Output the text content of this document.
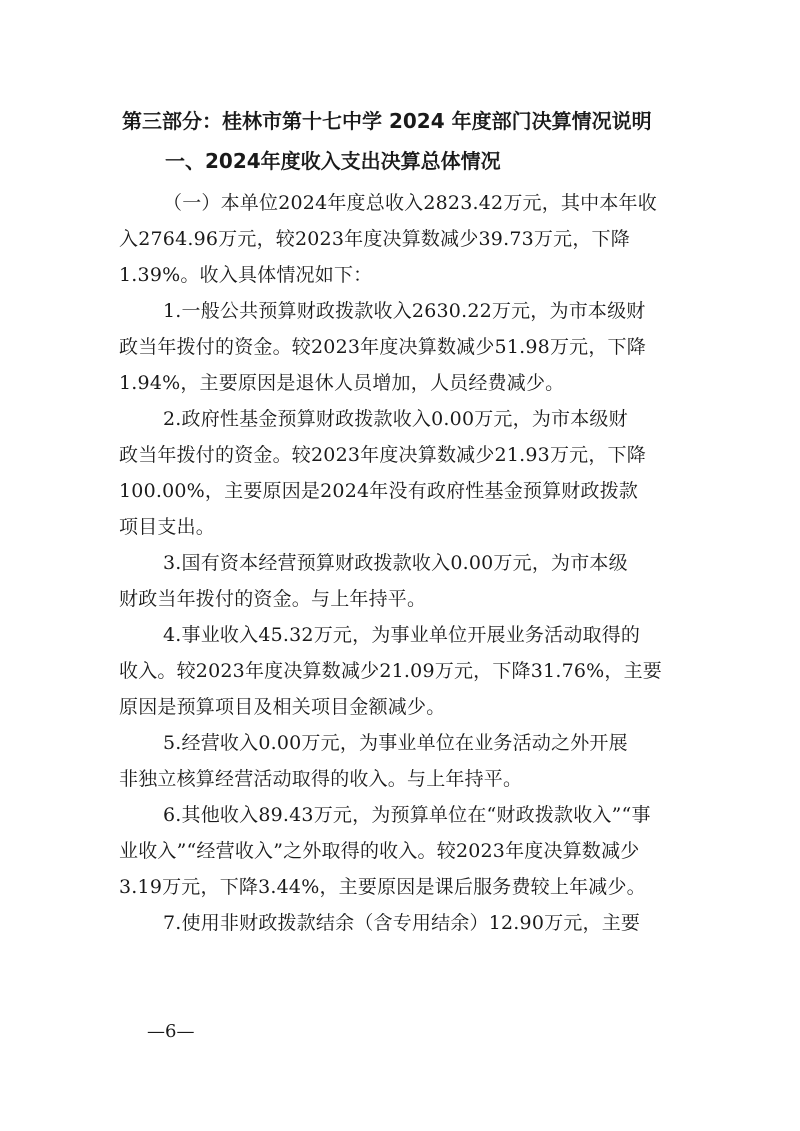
第三部分：桂林市第十七中学 2024 年度部门决算情况说明
一、2024年度收入支出决算总体情况
（一）本单位2024年度总收入2823.42万元，其中本年收
入2764.96万元，较2023年度决算数减少39.73万元，下降
1.39%。收入具体情况如下：
1.一般公共预算财政拨款收入2630.22万元，为市本级财
政当年拨付的资金。较2023年度决算数减少51.98万元，下降
1.94%，主要原因是退休人员增加，人员经费减少。
2.政府性基金预算财政拨款收入0.00万元，为市本级财
政当年拨付的资金。较2023年度决算数减少21.93万元，下降
100.00%，主要原因是2024年没有政府性基金预算财政拨款
项目支出。
3.国有资本经营预算财政拨款收入0.00万元，为市本级
财政当年拨付的资金。与上年持平。
4.事业收入45.32万元，为事业单位开展业务活动取得的
收入。较2023年度决算数减少21.09万元，下降31.76%，主要
原因是预算项目及相关项目金额减少。
5.经营收入0.00万元，为事业单位在业务活动之外开展
非独立核算经营活动取得的收入。与上年持平。
6.其他收入89.43万元，为预算单位在“财政拨款收入”“事
业收入”“经营收入”之外取得的收入。较2023年度决算数减少
3.19万元，下降3.44%，主要原因是课后服务费较上年减少。
7.使用非财政拨款结余（含专用结余）12.90万元，主要
—6—
